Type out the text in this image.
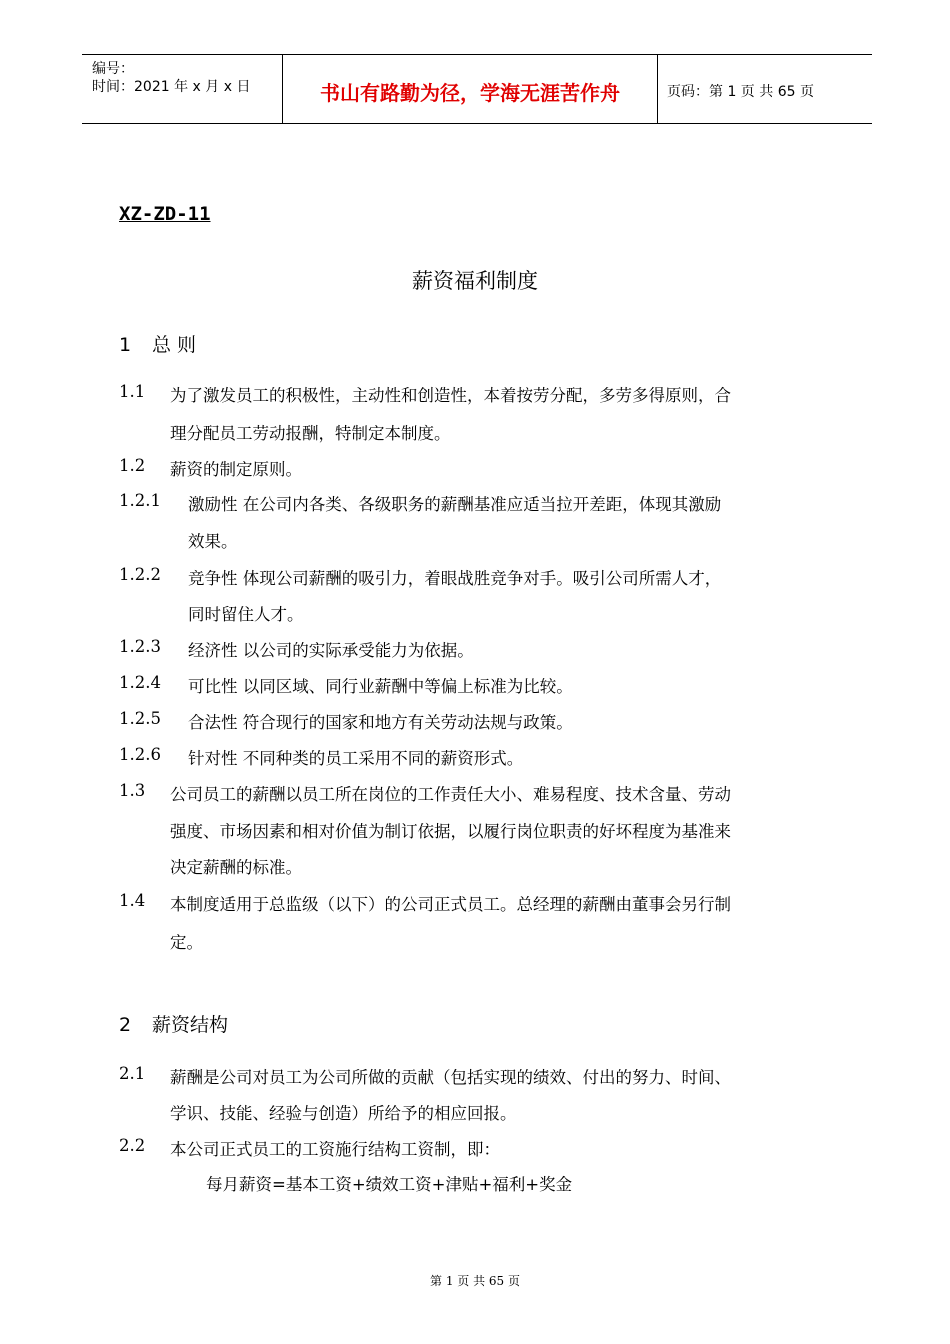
编号：
时间：2021 年 x 月 x 日	书山有路勤为径，学海无涯苦作舟	页码：第 1 页 共 65 页
XZ-ZD-11
薪资福利制度
1 总 则
1.1 为了激发员工的积极性，主动性和创造性，本着按劳分配，多劳多得原则，合
理分配员工劳动报酬，特制定本制度。
1.2 薪资的制定原则。
1.2.1 激励性 在公司内各类、各级职务的薪酬基准应适当拉开差距，体现其激励
效果。
1.2.2 竞争性 体现公司薪酬的吸引力，着眼战胜竞争对手。吸引公司所需人才，
同时留住人才。
1.2.3 经济性 以公司的实际承受能力为依据。
1.2.4 可比性 以同区域、同行业薪酬中等偏上标准为比较。
1.2.5 合法性 符合现行的国家和地方有关劳动法规与政策。
1.2.6 针对性 不同种类的员工采用不同的薪资形式。
1.3 公司员工的薪酬以员工所在岗位的工作责任大小、难易程度、技术含量、劳动
强度、市场因素和相对价值为制订依据，以履行岗位职责的好坏程度为基准来
决定薪酬的标准。
1.4 本制度适用于总监级（以下）的公司正式员工。总经理的薪酬由董事会另行制
定。
2 薪资结构
2.1 薪酬是公司对员工为公司所做的贡献（包括实现的绩效、付出的努力、时间、
学识、技能、经验与创造）所给予的相应回报。
2.2 本公司正式员工的工资施行结构工资制，即：
每月薪资=基本工资+绩效工资+津贴+福利+奖金
第 1 页 共 65 页
